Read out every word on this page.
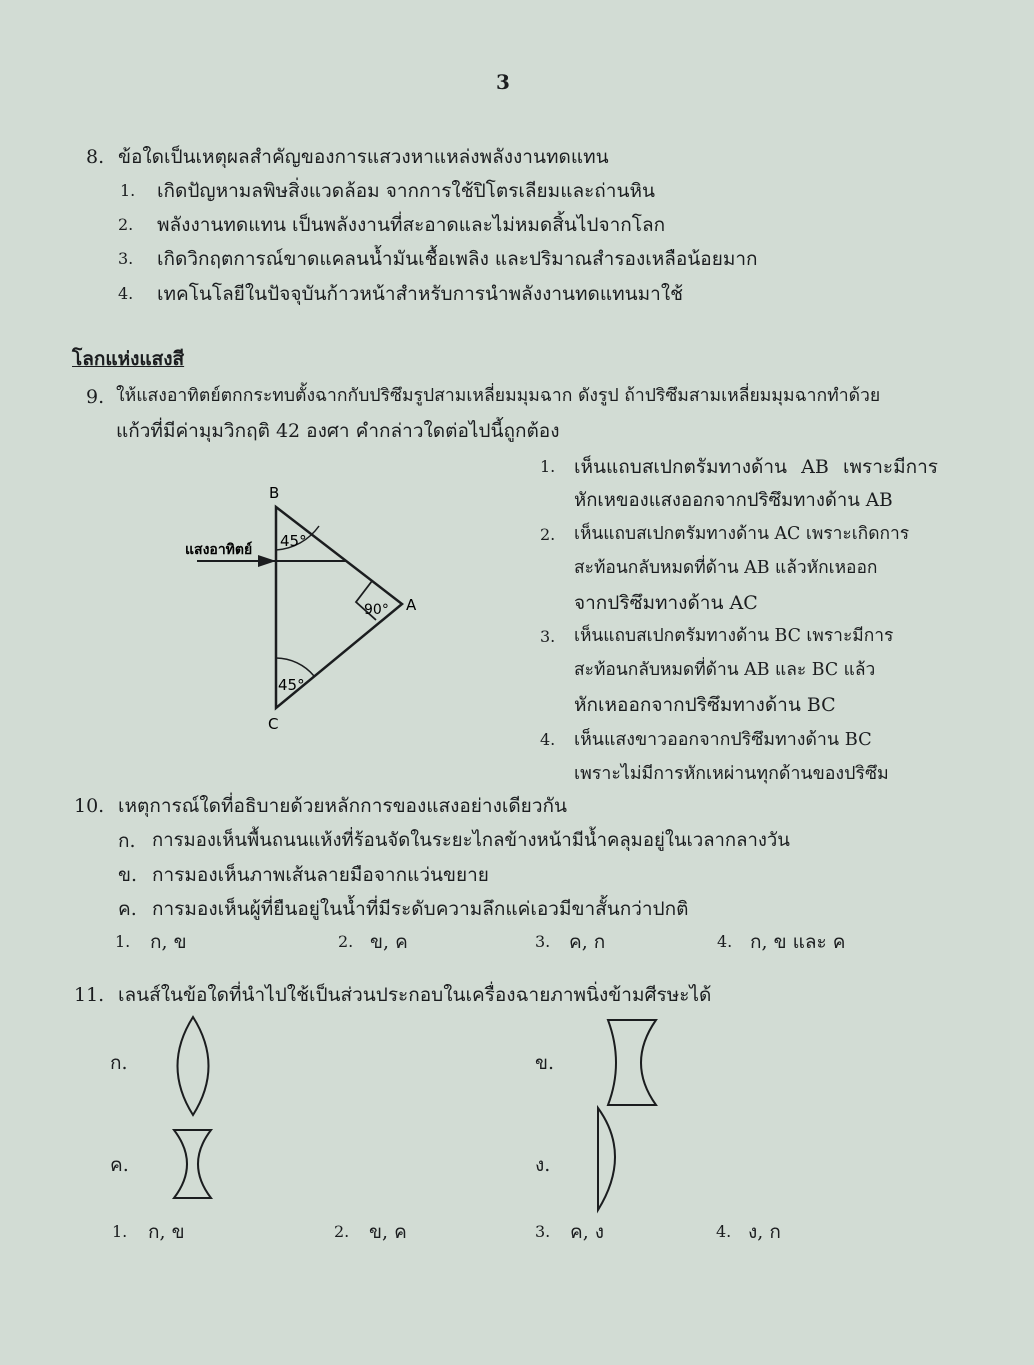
3
8. ข้อใดเป็นเหตุผลสำคัญของการแสวงหาแหล่งพลังงานทดแทน
1. เกิดปัญหามลพิษสิ่งแวดล้อม จากการใช้ปิโตรเลียมและถ่านหิน
2. พลังงานทดแทน เป็นพลังงานที่สะอาดและไม่หมดสิ้นไปจากโลก
3. เกิดวิกฤตการณ์ขาดแคลนน้ำมันเชื้อเพลิง และปริมาณสำรองเหลือน้อยมาก
4. เทคโนโลยีในปัจจุบันก้าวหน้าสำหรับการนำพลังงานทดแทนมาใช้
โลกแห่งแสงสี
9. ให้แสงอาทิตย์ตกกระทบตั้งฉากกับปริซึมรูปสามเหลี่ยมมุมฉาก ดังรูป ถ้าปริซึมสามเหลี่ยมมุมฉากทำด้วย
แก้วที่มีค่ามุมวิกฤติ 42 องศา คำกล่าวใดต่อไปนี้ถูกต้อง
แสงอาทิตย์
B
A
C
45°
90°
45°
1. เห็นแถบสเปกตรัมทางด้าน AB เพราะมีการ
หักเหของแสงออกจากปริซึมทางด้าน AB
2. เห็นแถบสเปกตรัมทางด้าน AC เพราะเกิดการ
สะท้อนกลับหมดที่ด้าน AB แล้วหักเหออก
จากปริซึมทางด้าน AC
3. เห็นแถบสเปกตรัมทางด้าน BC เพราะมีการ
สะท้อนกลับหมดที่ด้าน AB และ BC แล้ว
หักเหออกจากปริซึมทางด้าน BC
4. เห็นแสงขาวออกจากปริซึมทางด้าน BC
เพราะไม่มีการหักเหผ่านทุกด้านของปริซึม
10. เหตุการณ์ใดที่อธิบายด้วยหลักการของแสงอย่างเดียวกัน
ก. การมองเห็นพื้นถนนแห้งที่ร้อนจัดในระยะไกลข้างหน้ามีน้ำคลุมอยู่ในเวลากลางวัน
ข. การมองเห็นภาพเส้นลายมือจากแว่นขยาย
ค. การมองเห็นผู้ที่ยืนอยู่ในน้ำที่มีระดับความลึกแค่เอวมีขาสั้นกว่าปกติ
1. ก, ข	2. ข, ค	3. ค, ก	4. ก, ข และ ค
11. เลนส์ในข้อใดที่นำไปใช้เป็นส่วนประกอบในเครื่องฉายภาพนิ่งข้ามศีรษะได้
ก.	ข.
ค.	ง.
1. ก, ข	2. ข, ค	3. ค, ง	4. ง, ก
